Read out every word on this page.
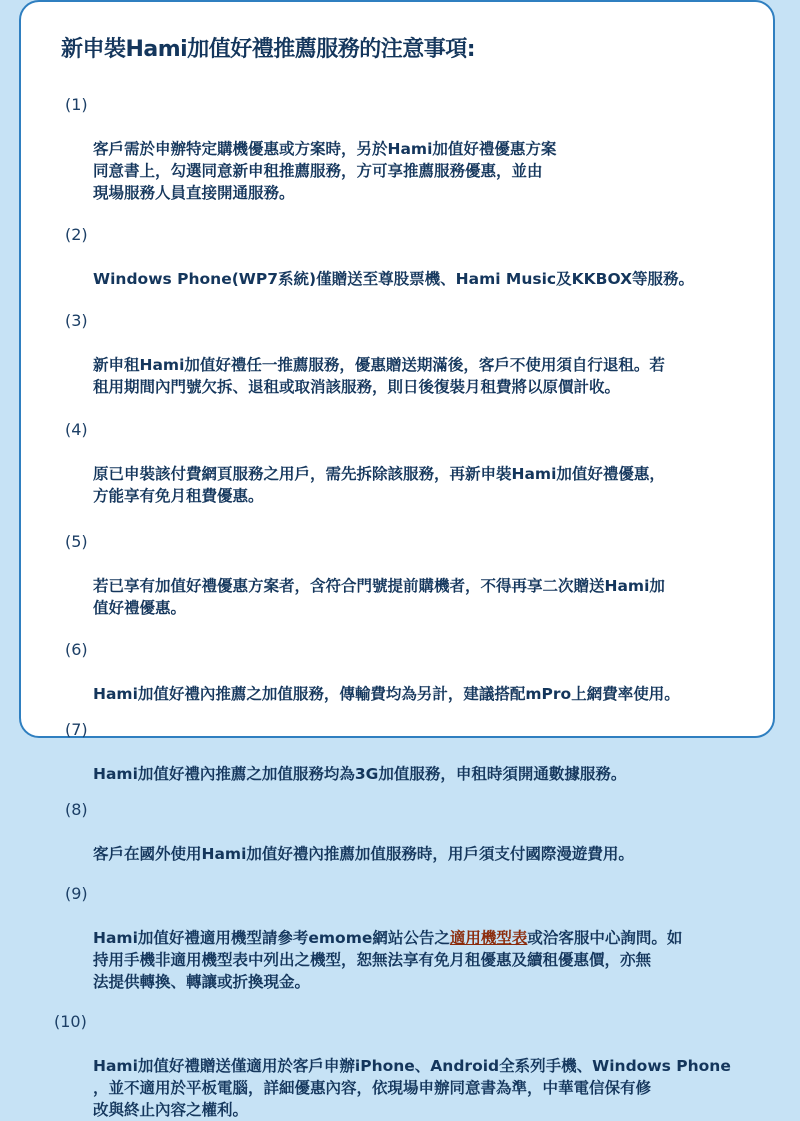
新申裝Hami加值好禮推薦服務的注意事項:

(1)

客戶需於申辦特定購機優惠或方案時，另於Hami加值好禮優惠方案
同意書上，勾選同意新申租推薦服務，方可享推薦服務優惠，並由
現場服務人員直接開通服務。

(2)

Windows Phone(WP7系統)僅贈送至尊股票機、Hami Music及KKBOX等服務。

(3)

新申租Hami加值好禮任一推薦服務，優惠贈送期滿後，客戶不使用須自行退租。若
租用期間內門號欠拆、退租或取消該服務，則日後復裝月租費將以原價計收。

(4)

原已申裝該付費網頁服務之用戶，需先拆除該服務，再新申裝Hami加值好禮優惠，
方能享有免月租費優惠。

(5)

若已享有加值好禮優惠方案者，含符合門號提前購機者，不得再享二次贈送Hami加
值好禮優惠。

(6)

Hami加值好禮內推薦之加值服務，傳輸費均為另計，建議搭配mPro上網費率使用。

(7)

Hami加值好禮內推薦之加值服務均為3G加值服務，申租時須開通數據服務。

(8)

客戶在國外使用Hami加值好禮內推薦加值服務時，用戶須支付國際漫遊費用。

(9)

Hami加值好禮適用機型請參考emome網站公告之適用機型表或洽客服中心詢問。如
持用手機非適用機型表中列出之機型，恕無法享有免月租優惠及續租優惠價，亦無
法提供轉換、轉讓或折換現金。

(10)

Hami加值好禮贈送僅適用於客戶申辦iPhone、Android全系列手機、Windows Phone
，並不適用於平板電腦，詳細優惠內容，依現場申辦同意書為準，中華電信保有修
改與終止內容之權利。
